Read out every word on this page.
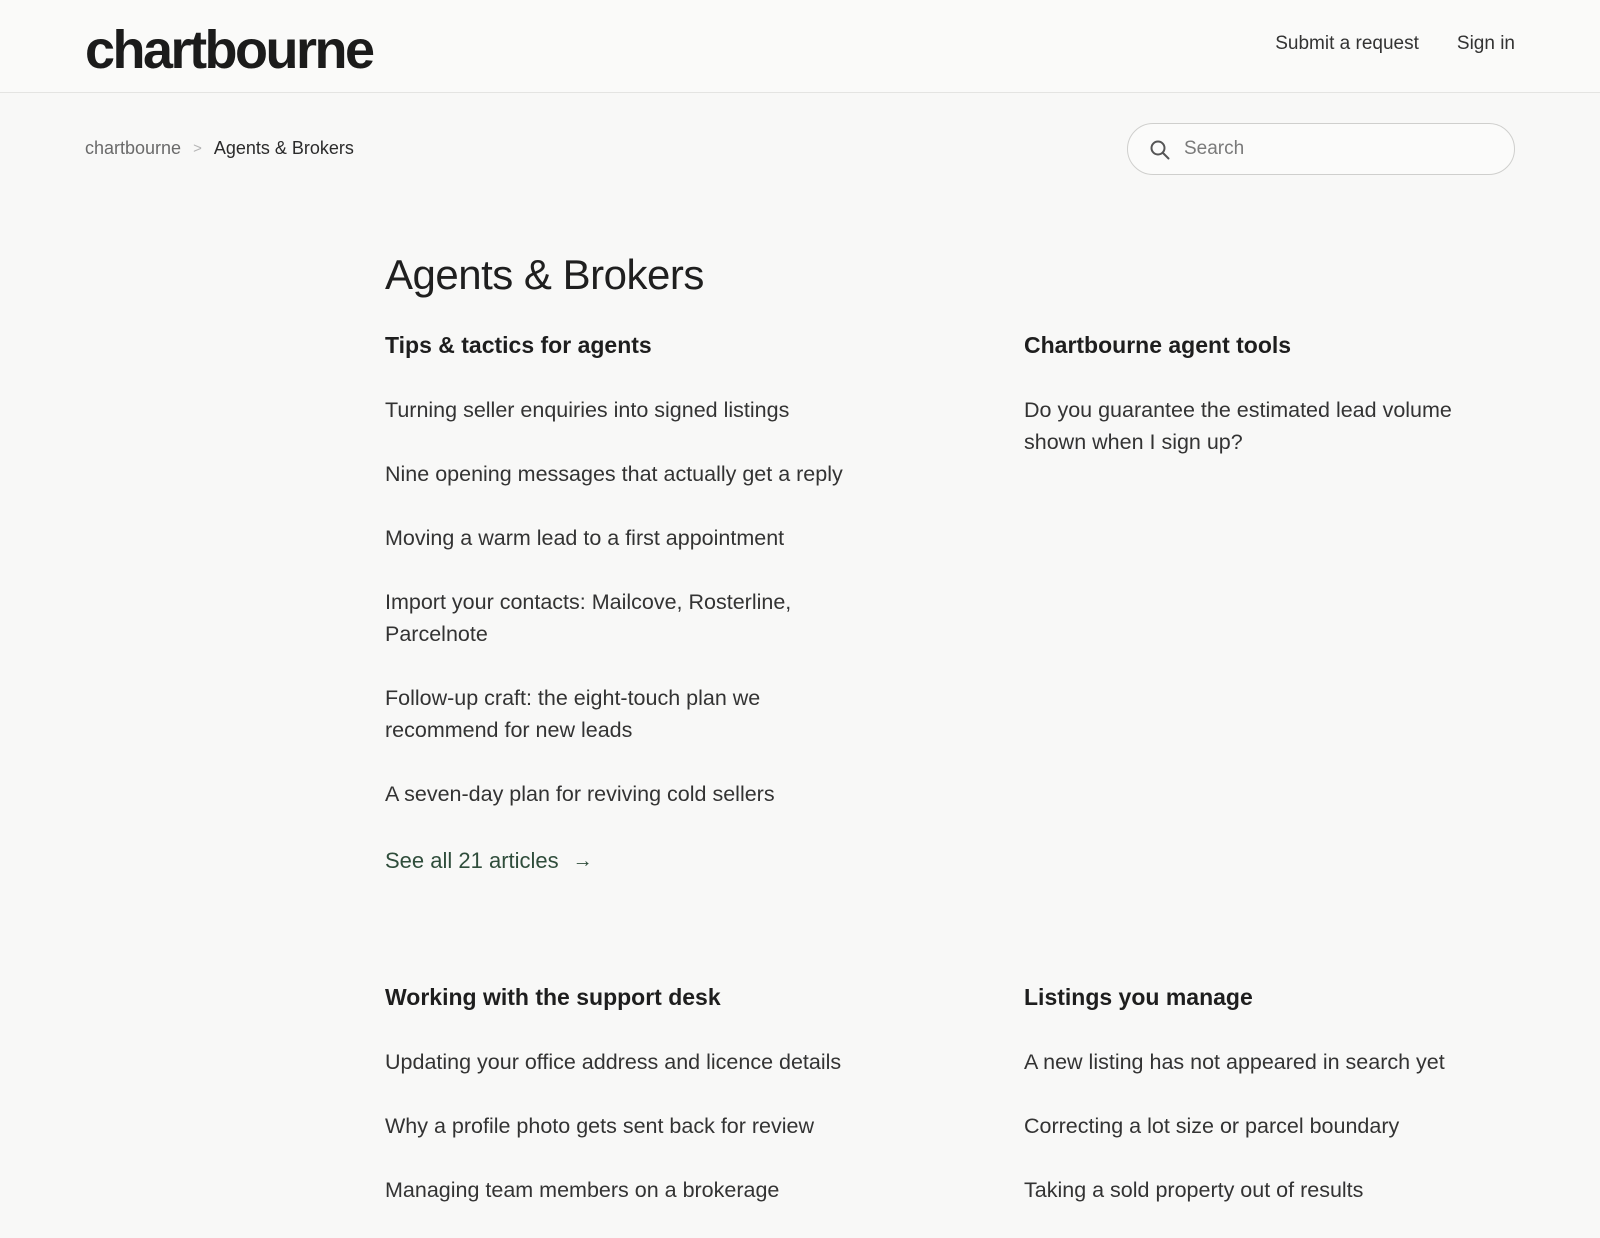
chartbourne	Submit a request Sign in
chartbourne > Agents & Brokers
Search
Agents & Brokers
Tips & tactics for agents
Turning seller enquiries into signed listings
Nine opening messages that actually get a reply
Moving a warm lead to a first appointment
Import your contacts: Mailcove, Rosterline, Parcelnote
Follow-up craft: the eight-touch plan we recommend for new leads
A seven-day plan for reviving cold sellers
See all 21 articles →
Chartbourne agent tools
Do you guarantee the estimated lead volume shown when I sign up?
Working with the support desk
Updating your office address and licence details
Why a profile photo gets sent back for review
Managing team members on a brokerage
Listings you manage
A new listing has not appeared in search yet
Correcting a lot size or parcel boundary
Taking a sold property out of results
